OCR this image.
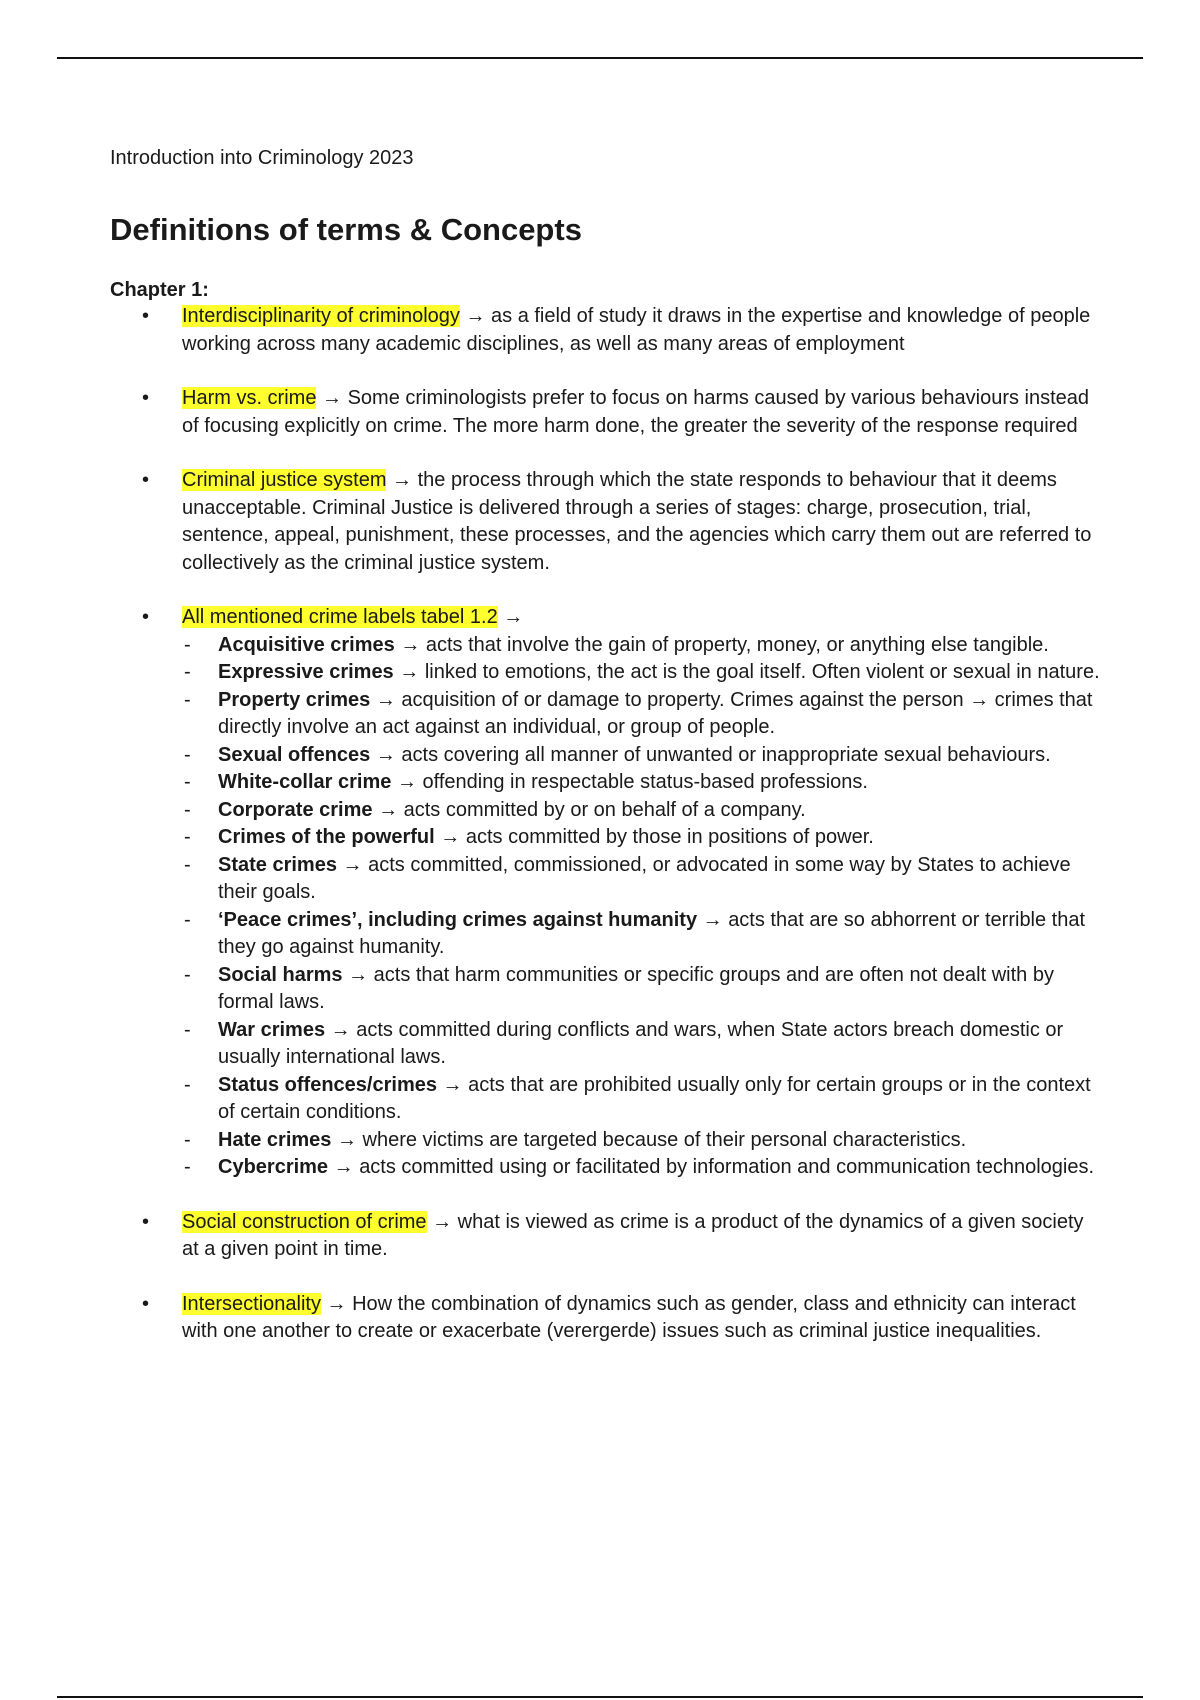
Introduction into Criminology 2023

Definitions of terms & Concepts

Chapter 1:

• Interdisciplinarity of criminology → as a field of study it draws in the expertise and knowledge of people working across many academic disciplines, as well as many areas of employment
• Harm vs. crime → Some criminologists prefer to focus on harms caused by various behaviours instead of focusing explicitly on crime. The more harm done, the greater the severity of the response required
• Criminal justice system → the process through which the state responds to behaviour that it deems unacceptable. Criminal Justice is delivered through a series of stages: charge, prosecution, trial, sentence, appeal, punishment, these processes, and the agencies which carry them out are referred to collectively as the criminal justice system.
• All mentioned crime labels tabel 1.2 →
- Acquisitive crimes → acts that involve the gain of property, money, or anything else tangible.
- Expressive crimes → linked to emotions, the act is the goal itself. Often violent or sexual in nature.
- Property crimes → acquisition of or damage to property. Crimes against the person → crimes that directly involve an act against an individual, or group of people.
- Sexual offences → acts covering all manner of unwanted or inappropriate sexual behaviours.
- White-collar crime → offending in respectable status-based professions.
- Corporate crime → acts committed by or on behalf of a company.
- Crimes of the powerful → acts committed by those in positions of power.
- State crimes → acts committed, commissioned, or advocated in some way by States to achieve their goals.
- ‘Peace crimes’, including crimes against humanity → acts that are so abhorrent or terrible that they go against humanity.
- Social harms → acts that harm communities or specific groups and are often not dealt with by formal laws.
- War crimes → acts committed during conflicts and wars, when State actors breach domestic or usually international laws.
- Status offences/crimes → acts that are prohibited usually only for certain groups or in the context of certain conditions.
- Hate crimes → where victims are targeted because of their personal characteristics.
- Cybercrime → acts committed using or facilitated by information and communication technologies.
• Social construction of crime → what is viewed as crime is a product of the dynamics of a given society at a given point in time.
• Intersectionality → How the combination of dynamics such as gender, class and ethnicity can interact with one another to create or exacerbate (verergerde) issues such as criminal justice inequalities.
